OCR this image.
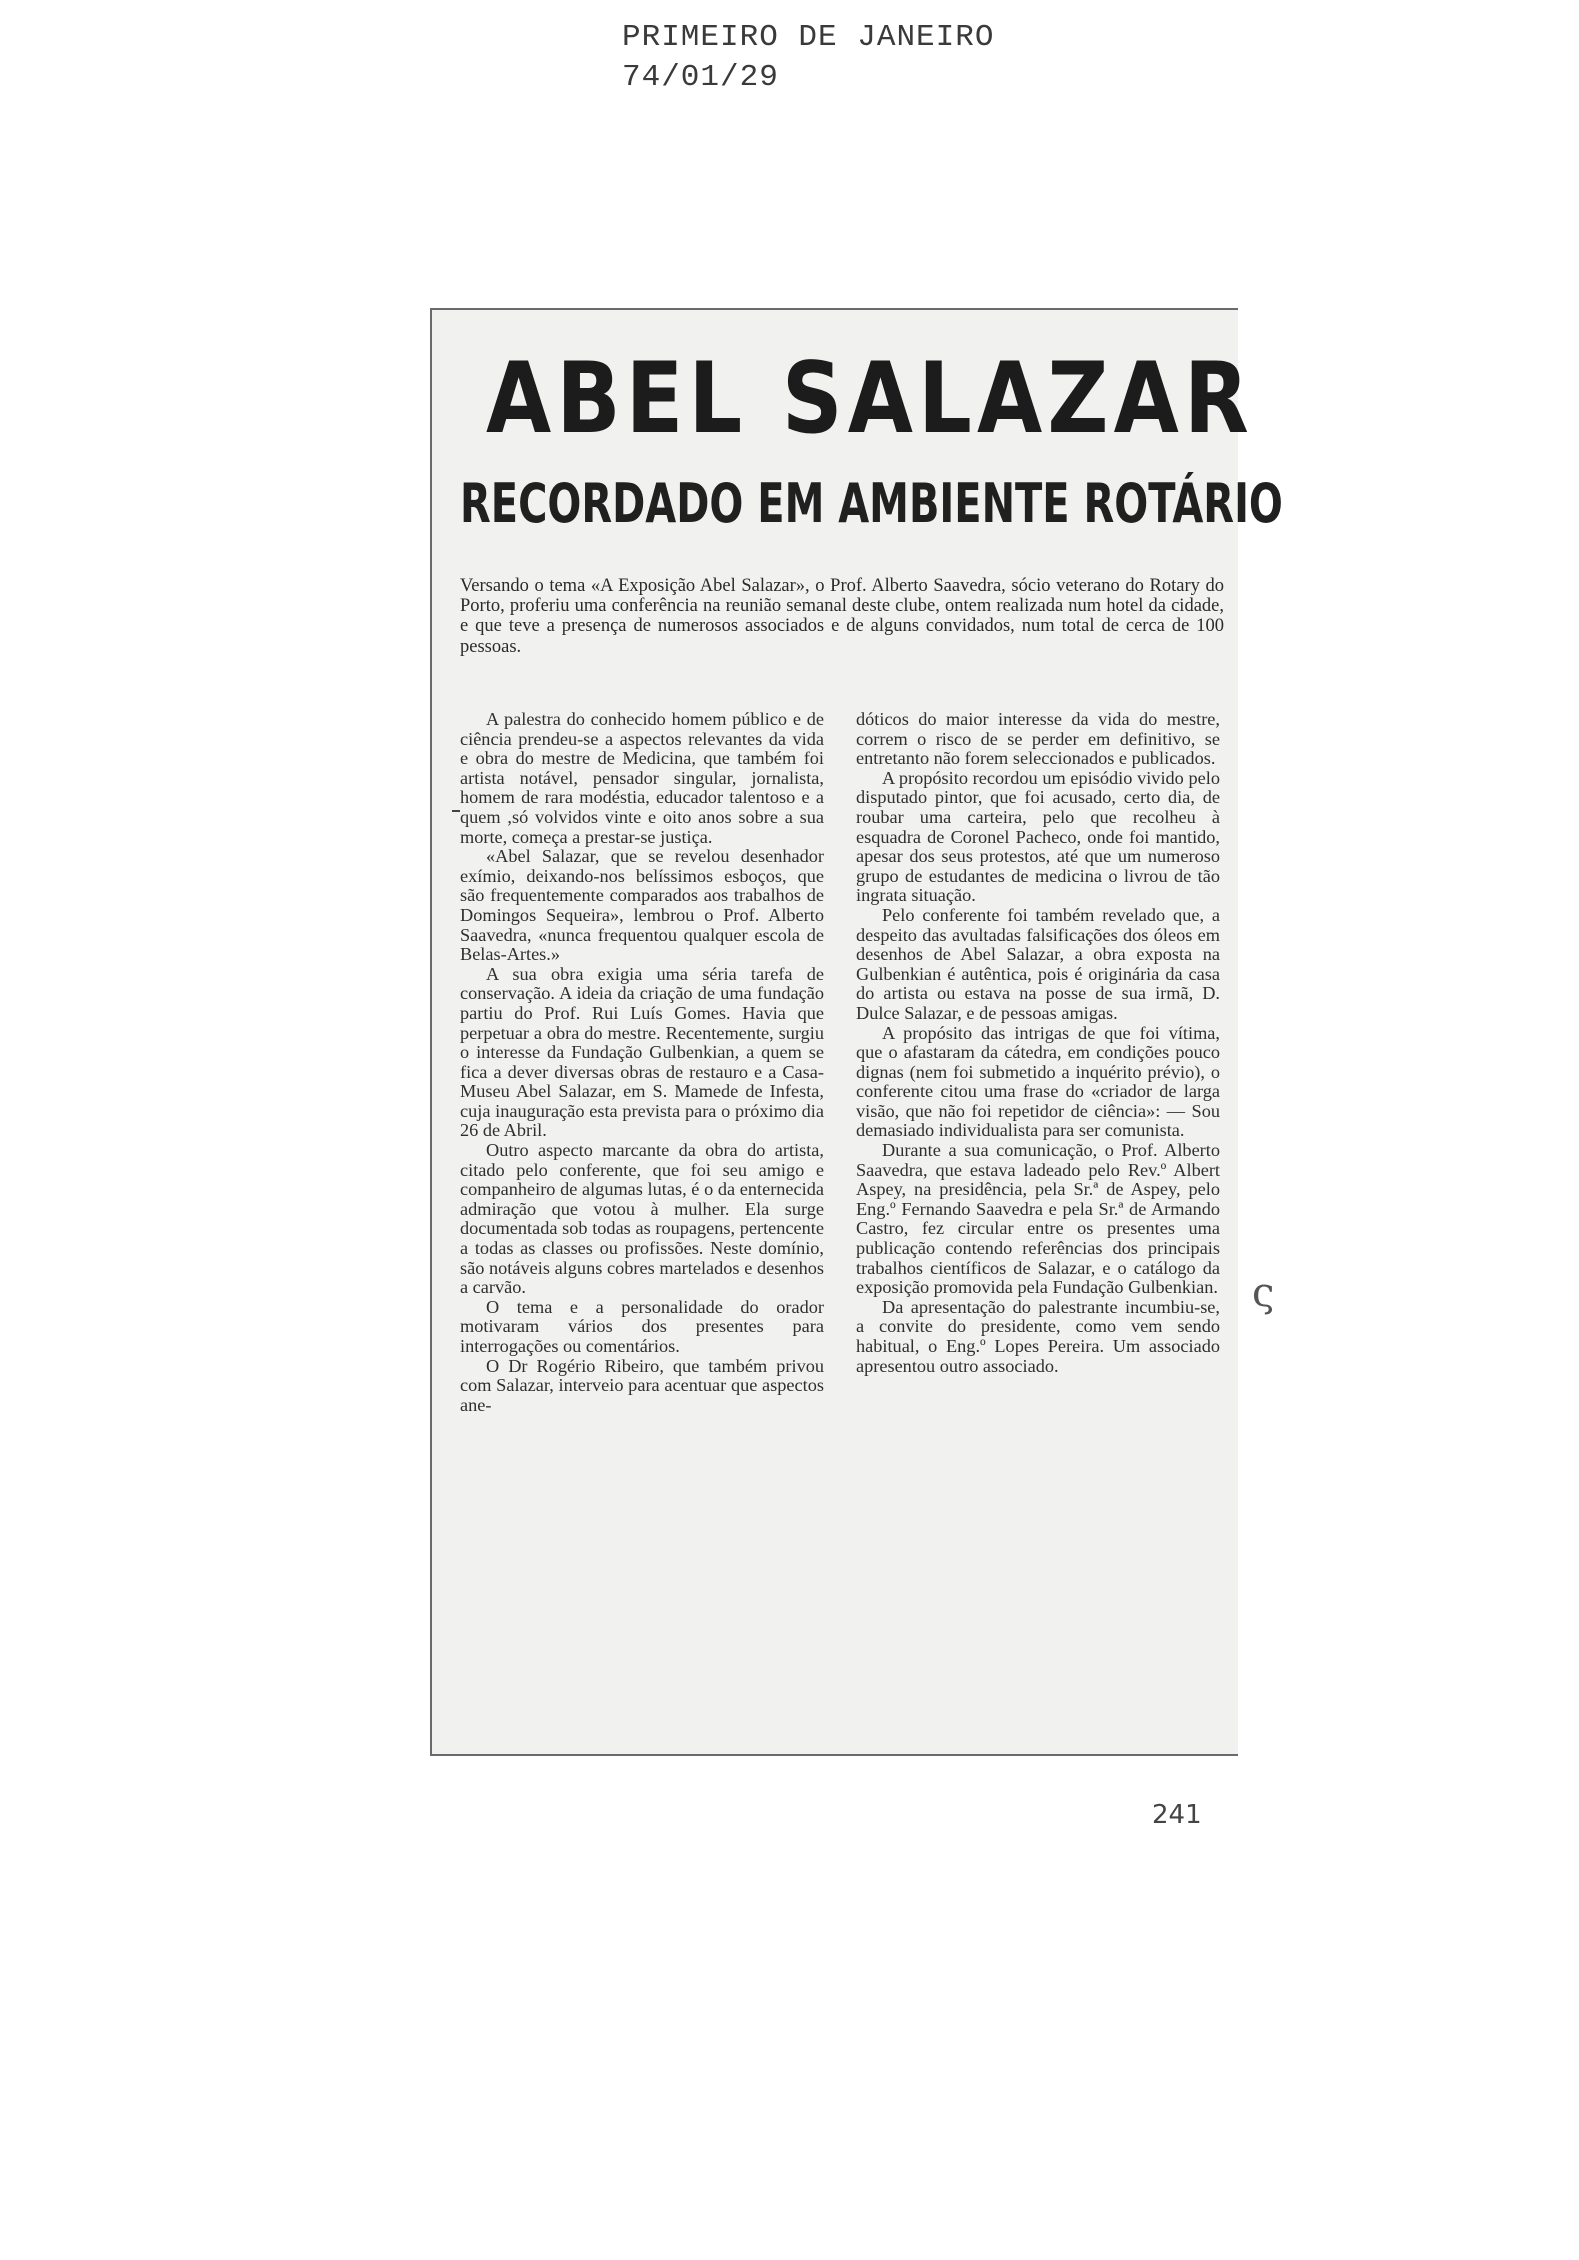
PRIMEIRO DE JANEIRO
74/01/29
ABEL SALAZAR
RECORDADO EM AMBIENTE ROTÁRIO
Versando o tema «A Exposição Abel Salazar», o Prof. Alberto Saavedra, sócio veterano do Rotary do Porto, proferiu uma conferência na reunião semanal deste clube, ontem realizada num hotel da cidade, e que teve a presença de numerosos associados e de alguns convidados, num total de cerca de 100 pessoas.

A palestra do conhecido homem público e de ciência prendeu-se a aspectos relevantes da vida e obra do mestre de Medicina, que também foi artista notável, pensador singular, jornalista, homem de rara modéstia, educador talentoso e a quem ,só volvidos vinte e oito anos sobre a sua morte, começa a prestar-se justiça.

«Abel Salazar, que se revelou desenhador exímio, deixando-nos belíssimos esboços, que são frequentemente comparados aos trabalhos de Domingos Sequeira», lembrou o Prof. Alberto Saavedra, «nunca frequentou qualquer escola de Belas-Artes.»

A sua obra exigia uma séria tarefa de conservação. A ideia da criação de uma fundação partiu do Prof. Rui Luís Gomes. Havia que perpetuar a obra do mestre. Recentemente, surgiu o interesse da Fundação Gulbenkian, a quem se fica a dever diversas obras de restauro e a Casa-Museu Abel Salazar, em S. Mamede de Infesta, cuja inauguração esta prevista para o próximo dia 26 de Abril.

Outro aspecto marcante da obra do artista, citado pelo conferente, que foi seu amigo e companheiro de algumas lutas, é o da enternecida admiração que votou à mulher. Ela surge documentada sob todas as roupagens, pertencente a todas as classes ou profissões. Neste domínio, são notáveis alguns cobres martelados e desenhos a carvão.

O tema e a personalidade do orador motivaram vários dos presentes para interrogações ou comentários.

O Dr Rogério Ribeiro, que também privou com Salazar, interveio para acentuar que aspectos ane-

dóticos do maior interesse da vida do mestre, correm o risco de se perder em definitivo, se entretanto não forem seleccionados e publicados.

A propósito recordou um episódio vivido pelo disputado pintor, que foi acusado, certo dia, de roubar uma carteira, pelo que recolheu à esquadra de Coronel Pacheco, onde foi mantido, apesar dos seus protestos, até que um numeroso grupo de estudantes de medicina o livrou de tão ingrata situação.

Pelo conferente foi também revelado que, a despeito das avultadas falsificações dos óleos em desenhos de Abel Salazar, a obra exposta na Gulbenkian é autêntica, pois é originária da casa do artista ou estava na posse de sua irmã, D. Dulce Salazar, e de pessoas amigas.

A propósito das intrigas de que foi vítima, que o afastaram da cátedra, em condições pouco dignas (nem foi submetido a inquérito prévio), o conferente citou uma frase do «criador de larga visão, que não foi repetidor de ciência»: — Sou demasiado individualista para ser comunista.

Durante a sua comunicação, o Prof. Alberto Saavedra, que estava ladeado pelo Rev.º Albert Aspey, na presidência, pela Sr.ª de Aspey, pelo Eng.º Fernando Saavedra e pela Sr.ª de Armando Castro, fez circular entre os presentes uma publicação contendo referências dos principais trabalhos científicos de Salazar, e o catálogo da exposição promovida pela Fundação Gulbenkian.

Da apresentação do palestrante incumbiu-se, a convite do presidente, como vem sendo habitual, o Eng.º Lopes Pereira. Um associado apresentou outro associado.

ς
241
